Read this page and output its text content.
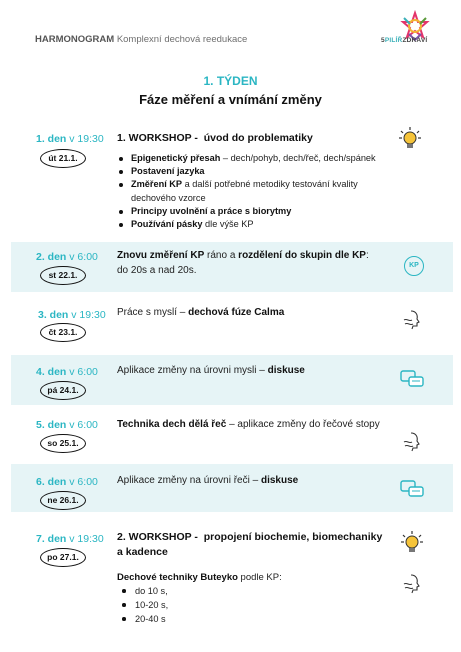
HARMONOGRAM Komplexní dechová reedukace	5PILÍŘZDRAVÍ
1. TÝDEN
Fáze měření a vnímání změny
1. den v 19:30
út 21.1.
1. WORKSHOP - úvod do problematiky
Epigenetický přesah – dech/pohyb, dech/řeč, dech/spánek
Postavení jazyka
Změření KP a další potřebné metodiky testování kvality dechového vzorce
Principy uvolnění a práce s biorytmy
Používání pásky dle výše KP
2. den v 6:00
st 22.1.
Znovu změření KP ráno a rozdělení do skupin dle KP:
do 20s a nad 20s.	KP
3. den v 19:30
čt 23.1.
Práce s myslí – dechová fúze Calma
4. den v 6:00
pá 24.1.
Aplikace změny na úrovni mysli – diskuse
5. den v 6:00
so 25.1.
Technika dech dělá řeč – aplikace změny do řečové stopy
6. den v 6:00
ne 26.1.
Aplikace změny na úrovni řeči – diskuse
7. den v 19:30
po 27.1.
2. WORKSHOP - propojení biochemie, biomechaniky a kadence
Dechové techniky Buteyko podle KP:
do 10 s,
10-20 s,
20-40 s
